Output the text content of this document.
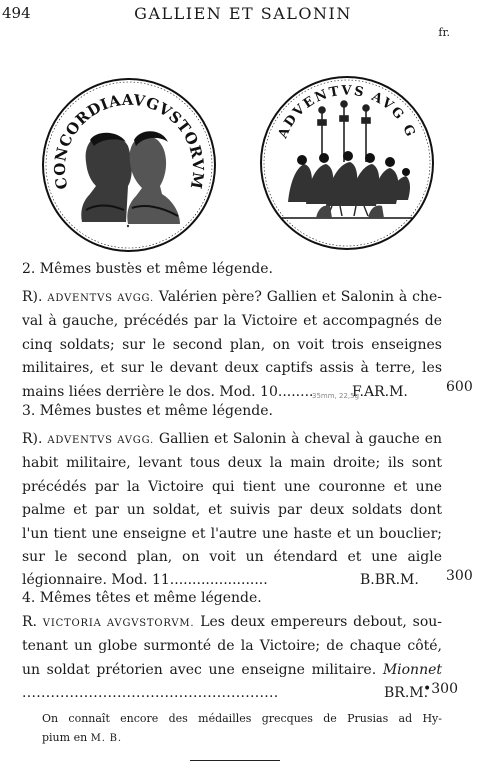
494	GALLIEN ET SALONIN
fr.
CONCORDIAAVGVSTORVM
ADVENTVS AVG G
2. Mêmes bustes et même légende.
R). ADVENTVS AVGG. Valérien père? Gallien et Salonin à che-
val à gauche, précédés par la Victoire et accompagnés de
cinq soldats; sur le second plan, on voit trois enseignes
militaires, et sur le devant deux captifs assis à terre, les
mains liées derrière le dos. Mod. 10........	F.AR.M.	600
35mm, 22,5g
3. Mêmes bustes et même légende.
R). ADVENTVS AVGG. Gallien et Salonin à cheval à gauche en
habit militaire, levant tous deux la main droite; ils sont
précédés par la Victoire qui tient une couronne et une
palme et par un soldat, et suivis par deux soldats dont
l'un tient une enseigne et l'autre une haste et un bouclier;
sur le second plan, on voit un étendard et une aigle
légionnaire. Mod. 11......................	B.BR.M. 300
4. Mêmes têtes et même légende.
R. VICTORIA AVGVSTORVM. Les deux empereurs debout, sou-
tenant un globe surmonté de la Victoire; de chaque côté,
un soldat prétorien avec une enseigne militaire. Mionnet
......................................................	BR.M.
•300
On connaît encore des médailles grecques de Prusias ad Hy-
pium en M. B.
